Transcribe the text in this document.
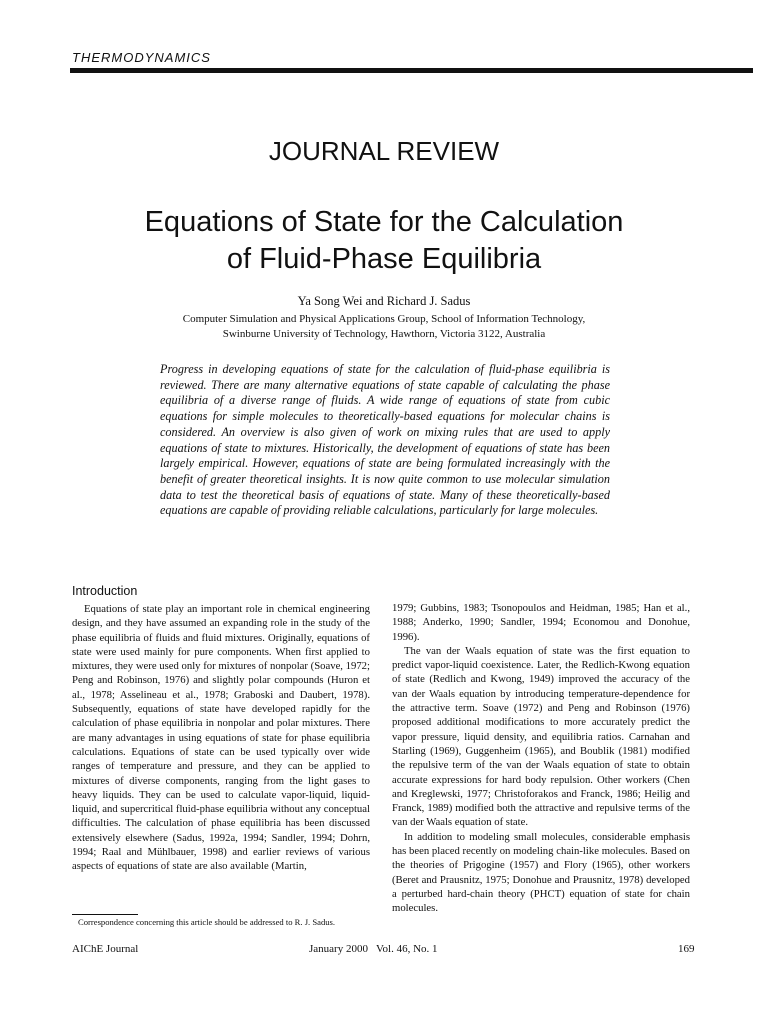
THERMODYNAMICS
JOURNAL REVIEW
Equations of State for the Calculation
of Fluid-Phase Equilibria
Ya Song Wei and Richard J. Sadus
Computer Simulation and Physical Applications Group, School of Information Technology,
Swinburne University of Technology, Hawthorn, Victoria 3122, Australia
Progress in developing equations of state for the calculation of fluid-phase equilibria is reviewed. There are many alternative equations of state capable of calculating the phase equilibria of a diverse range of fluids. A wide range of equations of state from cubic equations for simple molecules to theoretically-based equations for molecular chains is considered. An overview is also given of work on mixing rules that are used to apply equations of state to mixtures. Historically, the development of equations of state has been largely empirical. However, equations of state are being formulated increasingly with the benefit of greater theoretical insights. It is now quite common to use molecular simulation data to test the theoretical basis of equations of state. Many of these theoretically-based equations are capable of providing reliable calculations, particularly for large molecules.
Introduction

Equations of state play an important role in chemical engineering design, and they have assumed an expanding role in the study of the phase equilibria of fluids and fluid mixtures. Originally, equations of state were used mainly for pure components. When first applied to mixtures, they were used only for mixtures of nonpolar (Soave, 1972; Peng and Robinson, 1976) and slightly polar compounds (Huron et al., 1978; Asselineau et al., 1978; Graboski and Daubert, 1978). Subsequently, equations of state have developed rapidly for the calculation of phase equilibria in nonpolar and polar mixtures. There are many advantages in using equations of state for phase equilibria calculations. Equations of state can be used typically over wide ranges of temperature and pressure, and they can be applied to mixtures of diverse components, ranging from the light gases to heavy liquids. They can be used to calculate vapor-liquid, liquid-liquid, and supercritical fluid-phase equilibria without any conceptual difficulties. The calculation of phase equilibria has been discussed extensively elsewhere (Sadus, 1992a, 1994; Sandler, 1994; Dohrn, 1994; Raal and Mühlbauer, 1998) and earlier reviews of various aspects of equations of state are also available (Martin,

1979; Gubbins, 1983; Tsonopoulos and Heidman, 1985; Han et al., 1988; Anderko, 1990; Sandler, 1994; Economou and Donohue, 1996).

The van der Waals equation of state was the first equation to predict vapor-liquid coexistence. Later, the Redlich-Kwong equation of state (Redlich and Kwong, 1949) improved the accuracy of the van der Waals equation by introducing temperature-dependence for the attractive term. Soave (1972) and Peng and Robinson (1976) proposed additional modifications to more accurately predict the vapor pressure, liquid density, and equilibria ratios. Carnahan and Starling (1969), Guggenheim (1965), and Boublik (1981) modified the repulsive term of the van der Waals equation of state to obtain accurate expressions for hard body repulsion. Other workers (Chen and Kreglewski, 1977; Christoforakos and Franck, 1986; Heilig and Franck, 1989) modified both the attractive and repulsive terms of the van der Waals equation of state.

In addition to modeling small molecules, considerable emphasis has been placed recently on modeling chain-like molecules. Based on the theories of Prigogine (1957) and Flory (1965), other workers (Beret and Prausnitz, 1975; Donohue and Prausnitz, 1978) developed a perturbed hard-chain theory (PHCT) equation of state for chain molecules.

Correspondence concerning this article should be addressed to R. J. Sadus.
AIChE Journal	January 2000   Vol. 46, No. 1	169
